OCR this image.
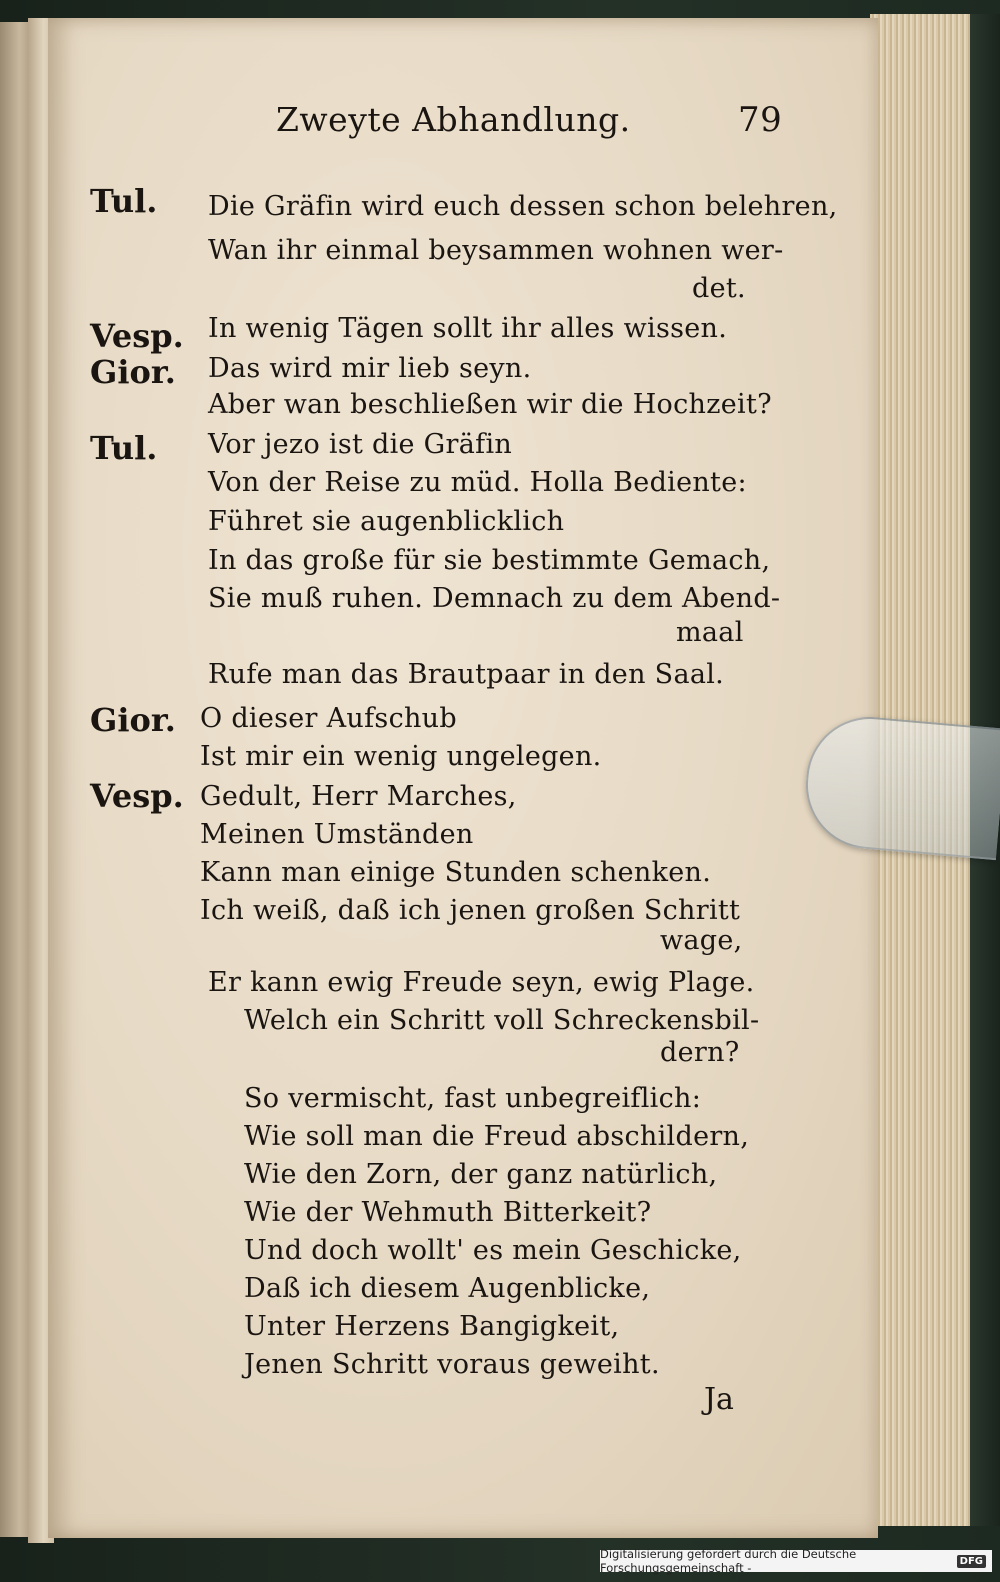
Zweyte Abhandlung.	79
Tul.
Vesp.
Gior.
Tul.
Gior.
Vesp.
Die Gräfin wird euch dessen schon belehren,
Wan ihr einmal beysammen wohnen wer-
det.
In wenig Tägen sollt ihr alles wissen.
Das wird mir lieb seyn.
Aber wan beschließen wir die Hochzeit?
Vor jezo ist die Gräfin
Von der Reise zu müd. Holla Bediente:
Führet sie augenblicklich
In das große für sie bestimmte Gemach,
Sie muß ruhen. Demnach zu dem Abend-
maal
Rufe man das Brautpaar in den Saal.
O dieser Aufschub
Ist mir ein wenig ungelegen.
Gedult, Herr Marches,
Meinen Umständen
Kann man einige Stunden schenken.
Ich weiß, daß ich jenen großen Schritt
wage,
Er kann ewig Freude seyn, ewig Plage.
Welch ein Schritt voll Schreckensbil-
dern?
So vermischt, fast unbegreiflich:
Wie soll man die Freud abschildern,
Wie den Zorn, der ganz natürlich,
Wie der Wehmuth Bitterkeit?
Und doch wollt' es mein Geschicke,
Daß ich diesem Augenblicke,
Unter Herzens Bangigkeit,
Jenen Schritt voraus geweiht.
Ja
Digitalisierung gefördert durch die Deutsche Forschungsgemeinschaft -	DFG
